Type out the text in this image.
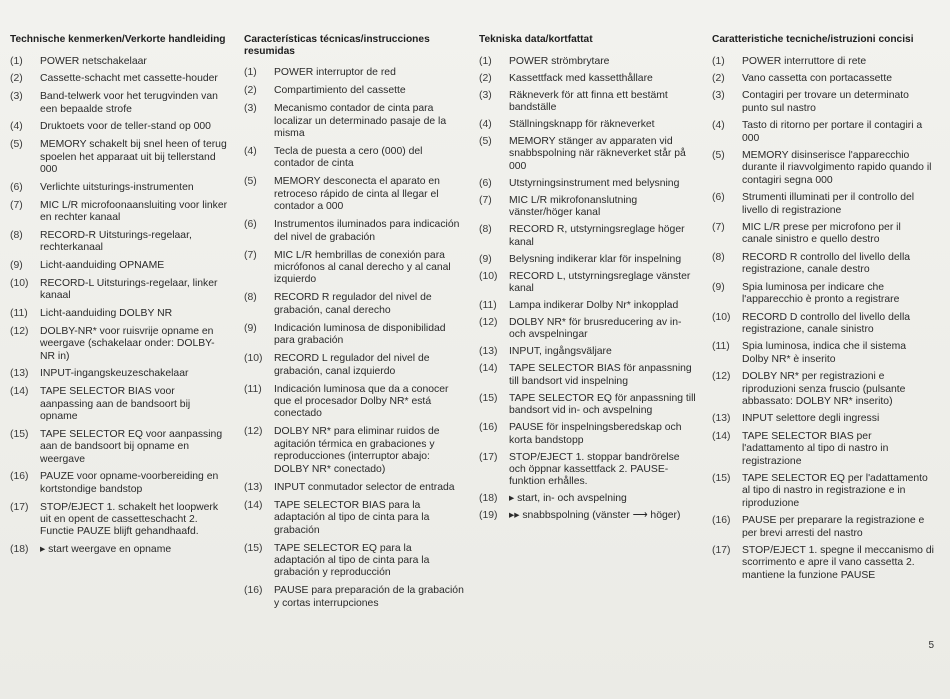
Technische kenmerken/Verkorte handleiding
(1)	POWER netschakelaar
(2)	Cassette-schacht met cassette-houder
(3)	Band-telwerk voor het terugvinden van een bepaalde strofe
(4)	Druktoets voor de teller-stand op 000
(5)	MEMORY schakelt bij snel heen of terug spoelen het apparaat uit bij tellerstand 000
(6)	Verlichte uitsturings-instrumenten
(7)	MIC L/R microfoonaansluiting voor linker en rechter kanaal
(8)	RECORD-R Uitsturings-regelaar, rechterkanaal
(9)	Licht-aanduiding OPNAME
(10)	RECORD-L Uitsturings-regelaar, linker kanaal
(11)	Licht-aanduiding DOLBY NR
(12)	DOLBY-NR* voor ruisvrije opname en weergave (schakelaar onder: DOLBY-NR in)
(13)	INPUT-ingangskeuzeschakelaar
(14)	TAPE SELECTOR BIAS voor aanpassing aan de bandsoort bij opname
(15)	TAPE SELECTOR EQ voor aanpassing aan de bandsoort bij opname en weergave
(16)	PAUZE voor opname-voorbereiding en kortstondige bandstop
(17)	STOP/EJECT 1. schakelt het loopwerk uit en opent de cassetteschacht 2. Functie PAUZE blijft gehandhaafd.
(18)	▸ start weergave en opname
Características técnicas/instrucciones resumidas
(1)	POWER interruptor de red
(2)	Compartimiento del cassette
(3)	Mecanismo contador de cinta para localizar un determinado pasaje de la misma
(4)	Tecla de puesta a cero (000) del contador de cinta
(5)	MEMORY desconecta el aparato en retroceso rápido de cinta al llegar el contador a 000
(6)	Instrumentos iluminados para indicación del nivel de grabación
(7)	MIC L/R hembrillas de conexión para micrófonos al canal derecho y al canal izquierdo
(8)	RECORD R regulador del nivel de grabación, canal derecho
(9)	Indicación luminosa de disponibilidad para grabación
(10)	RECORD L regulador del nivel de grabación, canal izquierdo
(11)	Indicación luminosa que da a conocer que el procesador Dolby NR* está conectado
(12)	DOLBY NR* para eliminar ruidos de agitación térmica en grabaciones y reproducciones (interruptor abajo: DOLBY NR* conectado)
(13)	INPUT conmutador selector de entrada
(14)	TAPE SELECTOR BIAS para la adaptación al tipo de cinta para la grabación
(15)	TAPE SELECTOR EQ para la adaptación al tipo de cinta para la grabación y reproducción
(16)	PAUSE para preparación de la grabación y cortas interrupciones
Tekniska data/kortfattat
(1)	POWER strömbrytare
(2)	Kassettfack med kassetthållare
(3)	Räkneverk för att finna ett bestämt bandställe
(4)	Ställningsknapp för räkneverket
(5)	MEMORY stänger av apparaten vid snabbspolning när räkneverket står på 000
(6)	Utstyrningsinstrument med belysning
(7)	MIC L/R mikrofonanslutning vänster/höger kanal
(8)	RECORD R, utstyrningsreglage höger kanal
(9)	Belysning indikerar klar för inspelning
(10)	RECORD L, utstyrningsreglage vänster kanal
(11)	Lampa indikerar Dolby Nr* inkopplad
(12)	DOLBY NR* för brusreducering av in- och avspelningar
(13)	INPUT, ingångsväljare
(14)	TAPE SELECTOR BIAS för anpassning till bandsort vid inspelning
(15)	TAPE SELECTOR EQ för anpassning till bandsort vid in- och avspelning
(16)	PAUSE för inspelningsberedskap och korta bandstopp
(17)	STOP/EJECT 1. stoppar bandrörelse och öppnar kassettfack 2. PAUSE-funktion erhålles.
(18)	▸ start, in- och avspelning
(19)	▸▸ snabbspolning (vänster ⟶ höger)
Caratteristiche tecniche/istruzioni concisi
(1)	POWER interruttore di rete
(2)	Vano cassetta con portacassette
(3)	Contagiri per trovare un determinato punto sul nastro
(4)	Tasto di ritorno per portare il contagiri a 000
(5)	MEMORY disinserisce l'apparecchio durante il riavvolgimento rapido quando il contagiri segna 000
(6)	Strumenti illuminati per il controllo del livello di registrazione
(7)	MIC L/R prese per microfono per il canale sinistro e quello destro
(8)	RECORD R controllo del livello della registrazione, canale destro
(9)	Spia luminosa per indicare che l'apparecchio è pronto a registrare
(10)	RECORD D controllo del livello della registrazione, canale sinistro
(11)	Spia luminosa, indica che il sistema Dolby NR* è inserito
(12)	DOLBY NR* per registrazioni e riproduzioni senza fruscio (pulsante abbassato: DOLBY NR* inserito)
(13)	INPUT selettore degli ingressi
(14)	TAPE SELECTOR BIAS per l'adattamento al tipo di nastro in registrazione
(15)	TAPE SELECTOR EQ per l'adattamento al tipo di nastro in registrazione e in riproduzione
(16)	PAUSE per preparare la registrazione e per brevi arresti del nastro
(17)	STOP/EJECT 1. spegne il meccanismo di scorrimento e apre il vano cassetta 2. mantiene la funzione PAUSE
5
